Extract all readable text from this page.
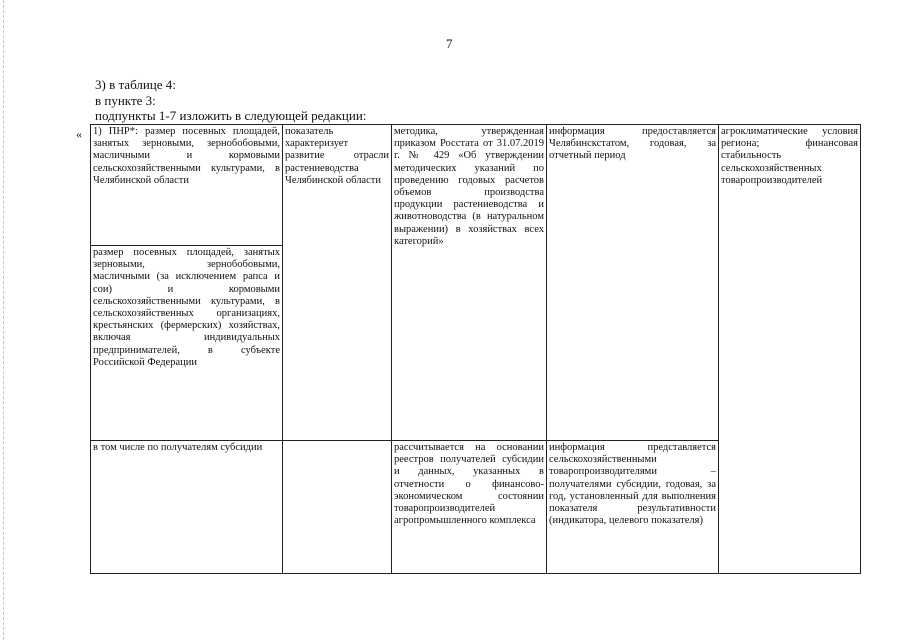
7
3) в таблице 4:
в пункте 3:
подпункты 1-7 изложить в следующей редакции:
« 1) ПНР*: размер посевных площадей, занятых зерновыми, зернобобовыми, масличными и кормовыми сельскохозяйственными культурами, в Челябинской области	показатель характеризует развитие отрасли растениеводства Челябинской области	методика, утвержденная приказом Росстата от 31.07.2019 г. № 429 «Об утверждении методических указаний по проведению годовых расчетов объемов производства продукции растениеводства и животноводства (в натуральном выражении) в хозяйствах всех категорий»	информация предоставляется Челябинскстатом, годовая, за отчетный период	агроклиматические условия региона; финансовая стабильность сельскохозяйственных товаропроизводителей
размер посевных площадей, занятых зерновыми, зернобобовыми, масличными (за исключением рапса и сои) и кормовыми сельскохозяйственными культурами, в сельскохозяйственных организациях, крестьянских (фермерских) хозяйствах, включая индивидуальных предпринимателей, в субъекте Российской Федерации				
в том числе по получателям субсидии		рассчитывается на основании реестров получателей субсидии и данных, указанных в отчетности о финансово-экономическом состоянии товаропроизводителей агропромышленного комплекса	информация представляется сельскохозяйственными товаропроизводителями – получателями субсидии, годовая, за год, установленный для выполнения показателя результативности (индикатора, целевого показателя)	
